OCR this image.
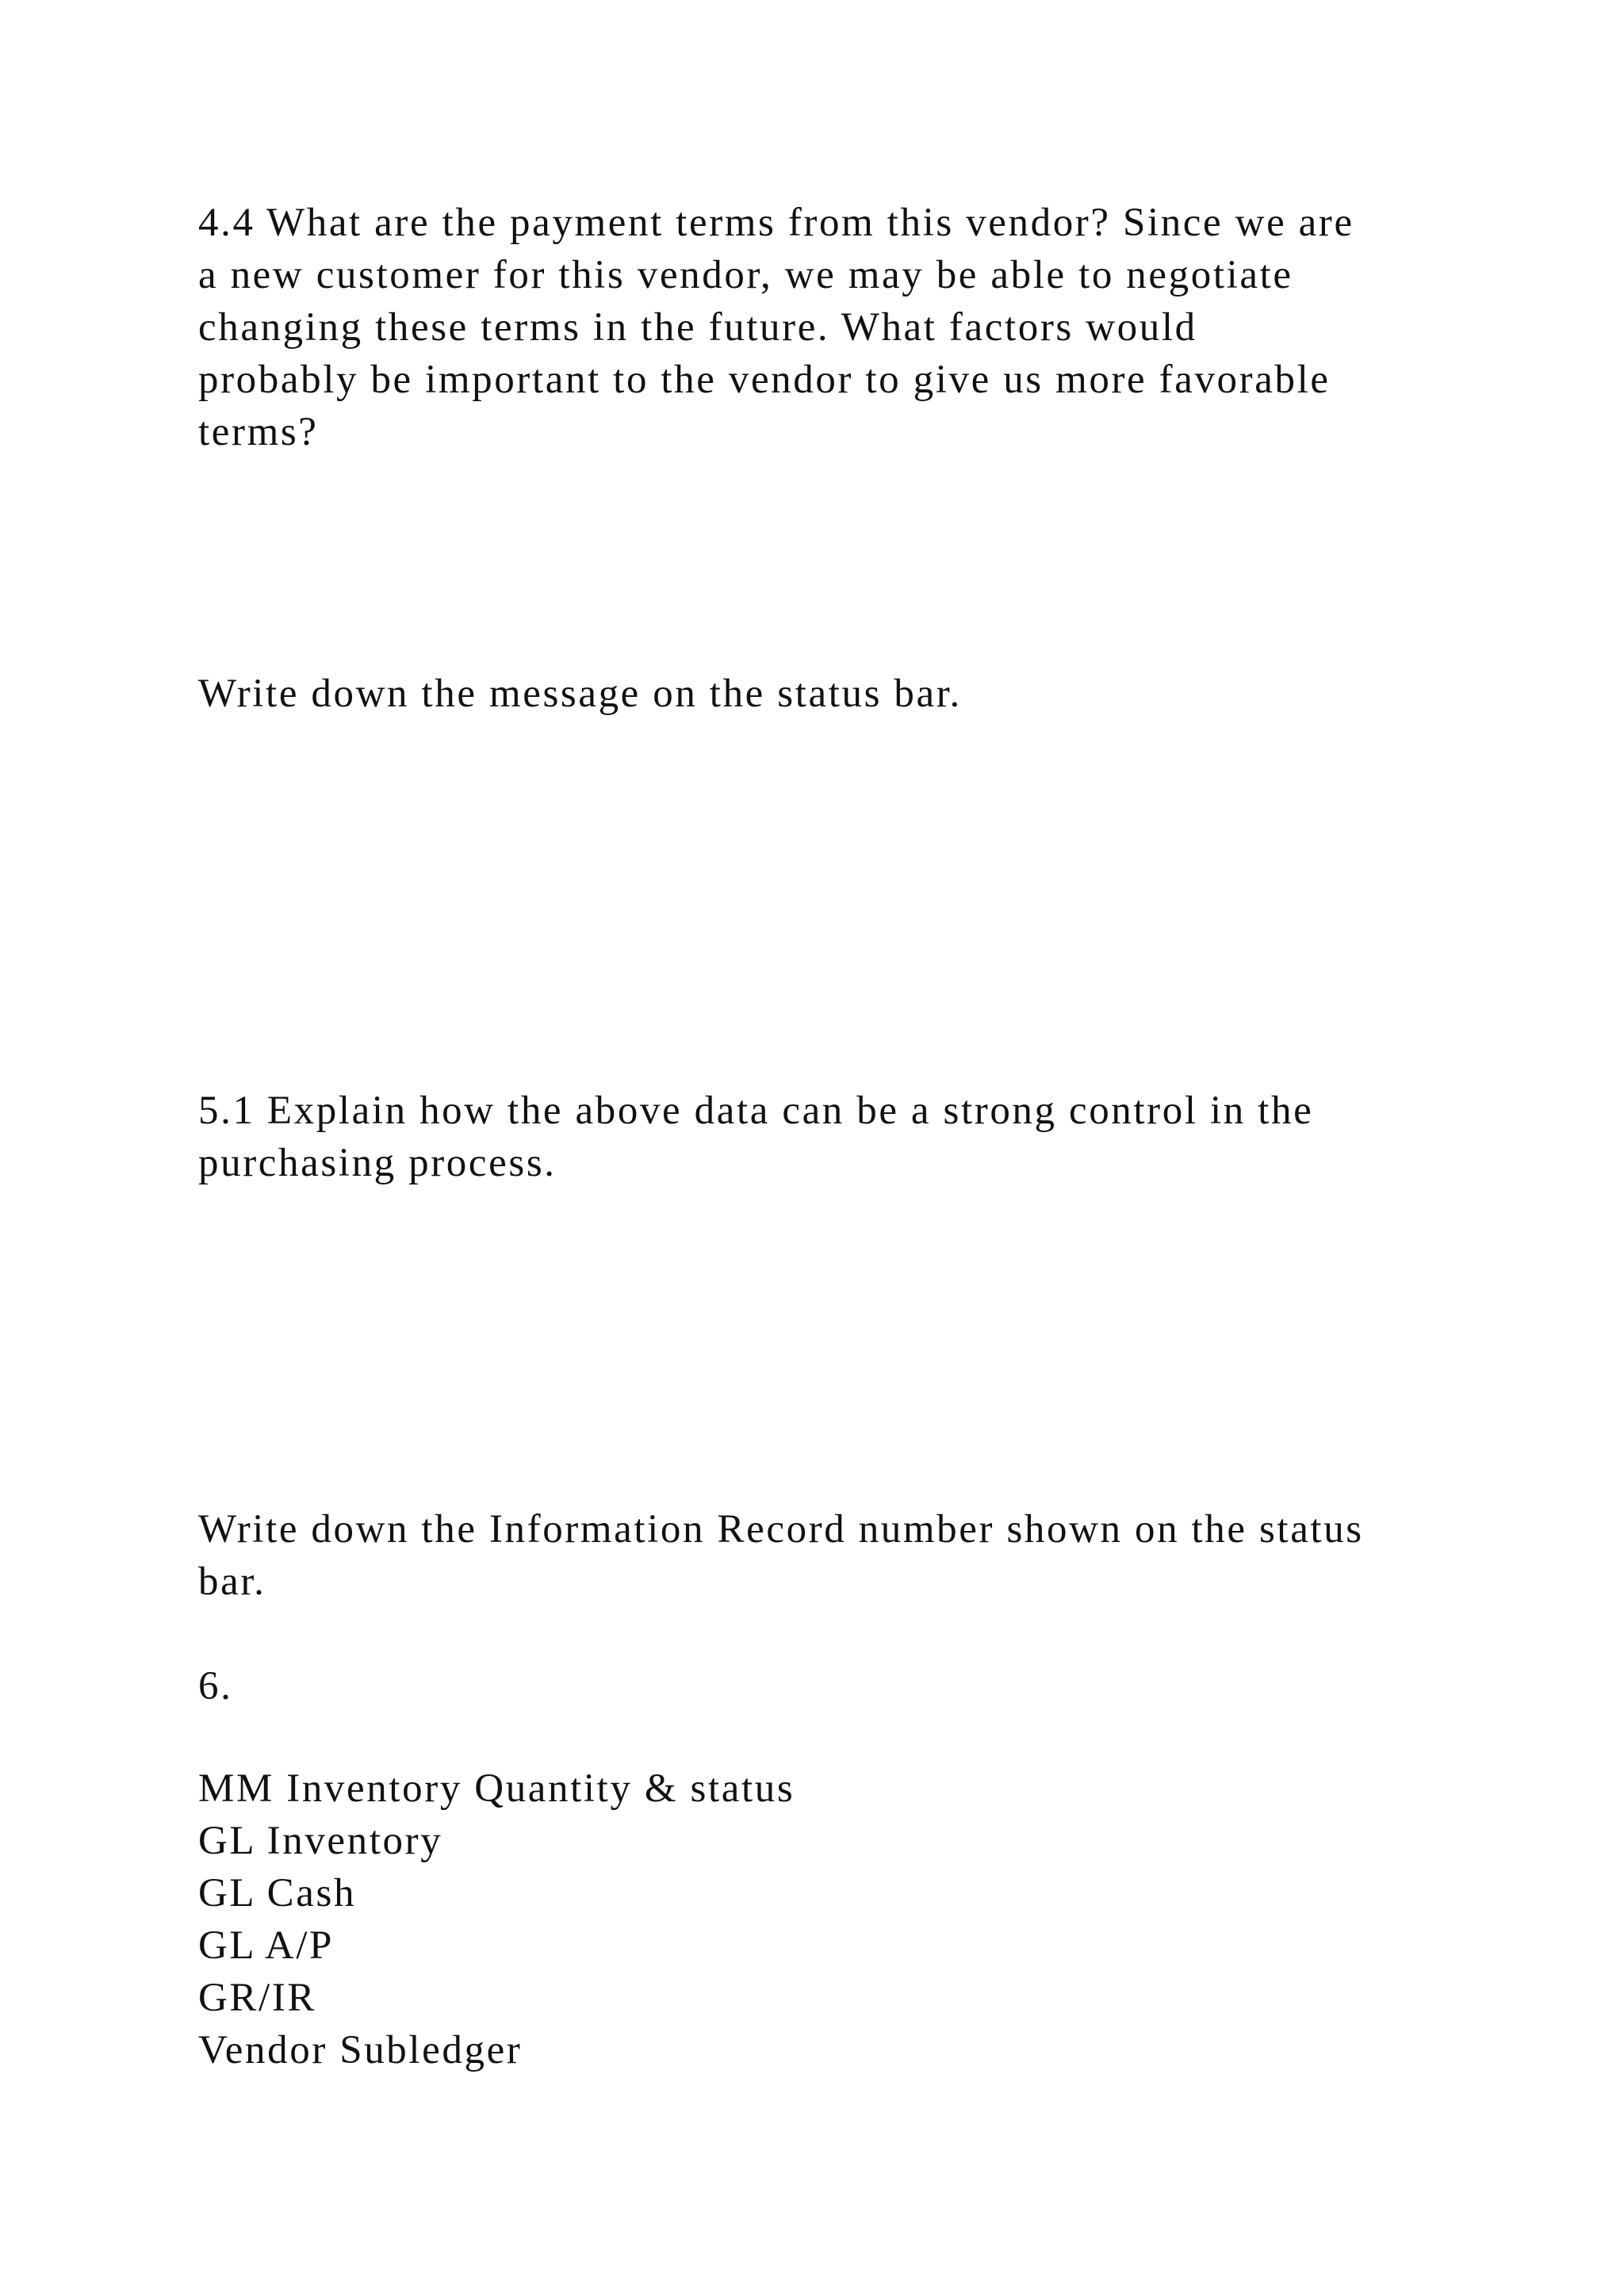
4.4 What are the payment terms from this vendor? Since we are
a new customer for this vendor, we may be able to negotiate
changing these terms in the future. What factors would
probably be important to the vendor to give us more favorable
terms?

Write down the message on the status bar.

5.1 Explain how the above data can be a strong control in the
purchasing process.

Write down the Information Record number shown on the status
bar.

6.

MM Inventory Quantity & status
GL Inventory
GL Cash
GL A/P
GR/IR
Vendor Subledger
